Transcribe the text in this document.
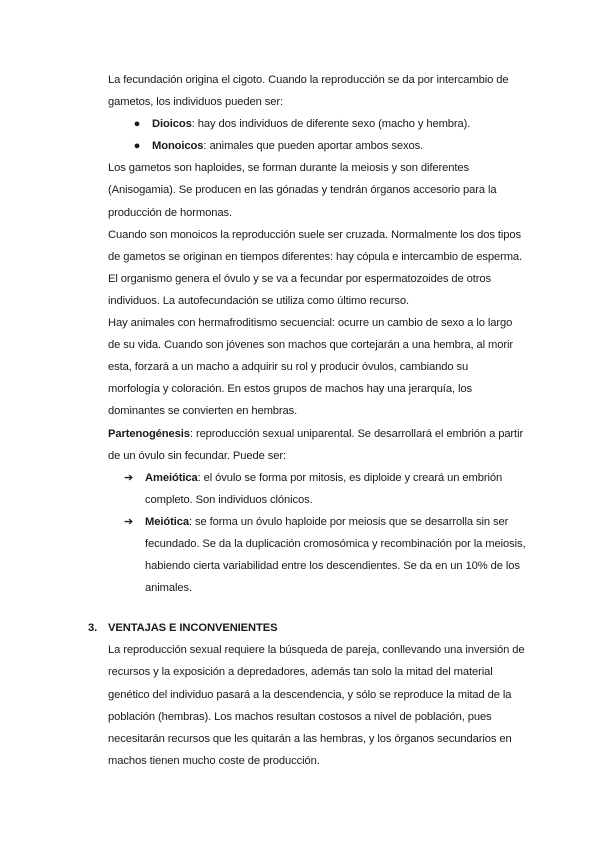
La fecundación origina el cigoto. Cuando la reproducción se da por intercambio de
gametos, los individuos pueden ser:
●	Dioicos: hay dos individuos de diferente sexo (macho y hembra).
●	Monoicos: animales que pueden aportar ambos sexos.
Los gametos son haploides, se forman durante la meiosis y son diferentes
(Anisogamia). Se producen en las gónadas y tendrán órganos accesorio para la
producción de hormonas.
Cuando son monoicos la reproducción suele ser cruzada. Normalmente los dos tipos
de gametos se originan en tiempos diferentes: hay cópula e intercambio de esperma.
El organismo genera el óvulo y se va a fecundar por espermatozoides de otros
individuos. La autofecundación se utiliza como último recurso.
Hay animales con hermafroditismo secuencial: ocurre un cambio de sexo a lo largo
de su vida. Cuando son jóvenes son machos que cortejarán a una hembra, al morir
esta, forzará a un macho a adquirir su rol y producir óvulos, cambiando su
morfología y coloración. En estos grupos de machos hay una jerarquía, los
dominantes se convierten en hembras.
Partenogénesis: reproducción sexual uniparental. Se desarrollará el embrión a partir
de un óvulo sin fecundar. Puede ser:
➔ Ameiótica: el óvulo se forma por mitosis, es diploide y creará un embrión
completo. Son individuos clónicos.
➔ Meiótica: se forma un óvulo haploide por meiosis que se desarrolla sin ser
fecundado. Se da la duplicación cromosómica y recombinación por la meiosis,
habiendo cierta variabilidad entre los descendientes. Se da en un 10% de los
animales.
3. VENTAJAS E INCONVENIENTES
La reproducción sexual requiere la búsqueda de pareja, conllevando una inversión de
recursos y la exposición a depredadores, además tan solo la mitad del material
genético del individuo pasará a la descendencia, y sólo se reproduce la mitad de la
población (hembras). Los machos resultan costosos a nivel de población, pues
necesitarán recursos que les quitarán a las hembras, y los órganos secundarios en
machos tienen mucho coste de producción.
